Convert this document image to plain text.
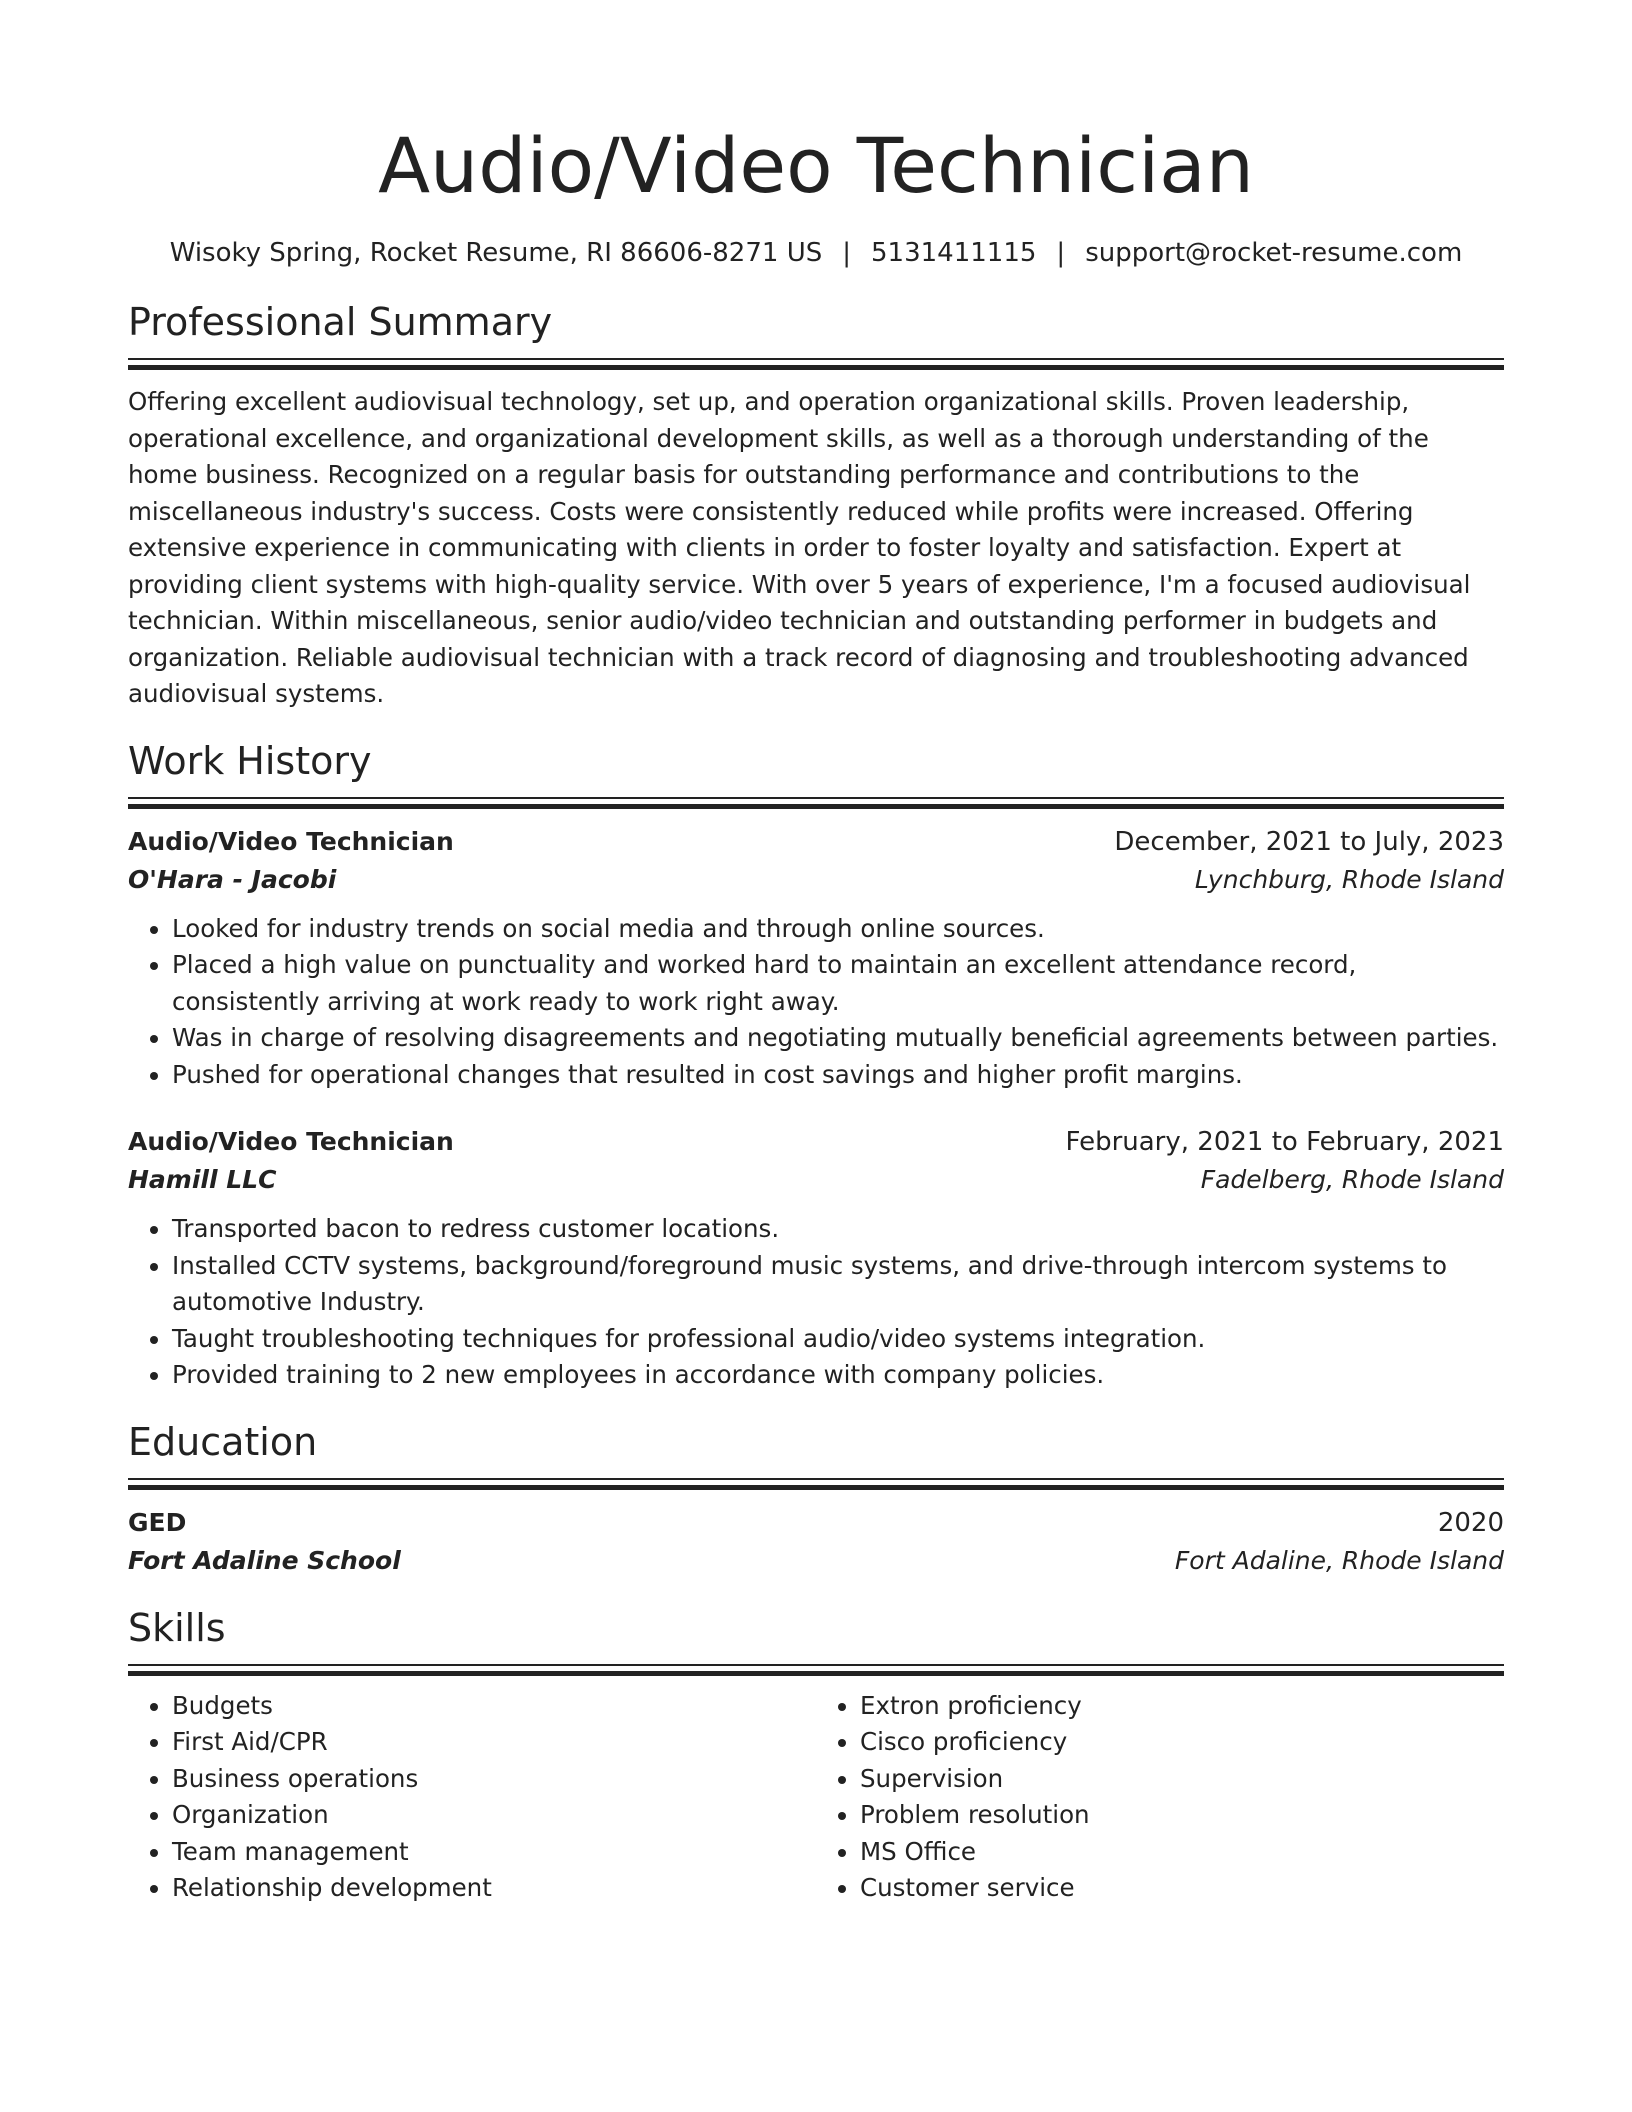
Audio/Video Technician
Wisoky Spring, Rocket Resume, RI 86606-8271 US | 5131411115 | support@rocket-resume.com
Professional Summary

Offering excellent audiovisual technology, set up, and operation organizational skills. Proven leadership, operational excellence, and organizational development skills, as well as a thorough understanding of the home business. Recognized on a regular basis for outstanding performance and contributions to the miscellaneous industry's success. Costs were consistently reduced while profits were increased. Offering extensive experience in communicating with clients in order to foster loyalty and satisfaction. Expert at providing client systems with high-quality service. With over 5 years of experience, I'm a focused audiovisual technician. Within miscellaneous, senior audio/video technician and outstanding performer in budgets and organization. Reliable audiovisual technician with a track record of diagnosing and troubleshooting advanced audiovisual systems.

Work History
Audio/Video Technician	December, 2021 to July, 2023
O'Hara - Jacobi	Lynchburg, Rhode Island
• Looked for industry trends on social media and through online sources.
• Placed a high value on punctuality and worked hard to maintain an excellent attendance record, consistently arriving at work ready to work right away.
• Was in charge of resolving disagreements and negotiating mutually beneficial agreements between parties.
• Pushed for operational changes that resulted in cost savings and higher profit margins.
Audio/Video Technician	February, 2021 to February, 2021
Hamill LLC	Fadelberg, Rhode Island
• Transported bacon to redress customer locations.
• Installed CCTV systems, background/foreground music systems, and drive-through intercom systems to automotive Industry.
• Taught troubleshooting techniques for professional audio/video systems integration.
• Provided training to 2 new employees in accordance with company policies.
Education
GED	2020
Fort Adaline School	Fort Adaline, Rhode Island
Skills
• Budgets
• First Aid/CPR
• Business operations
• Organization
• Team management
• Relationship development
• Extron proficiency
• Cisco proficiency
• Supervision
• Problem resolution
• MS Office
• Customer service
